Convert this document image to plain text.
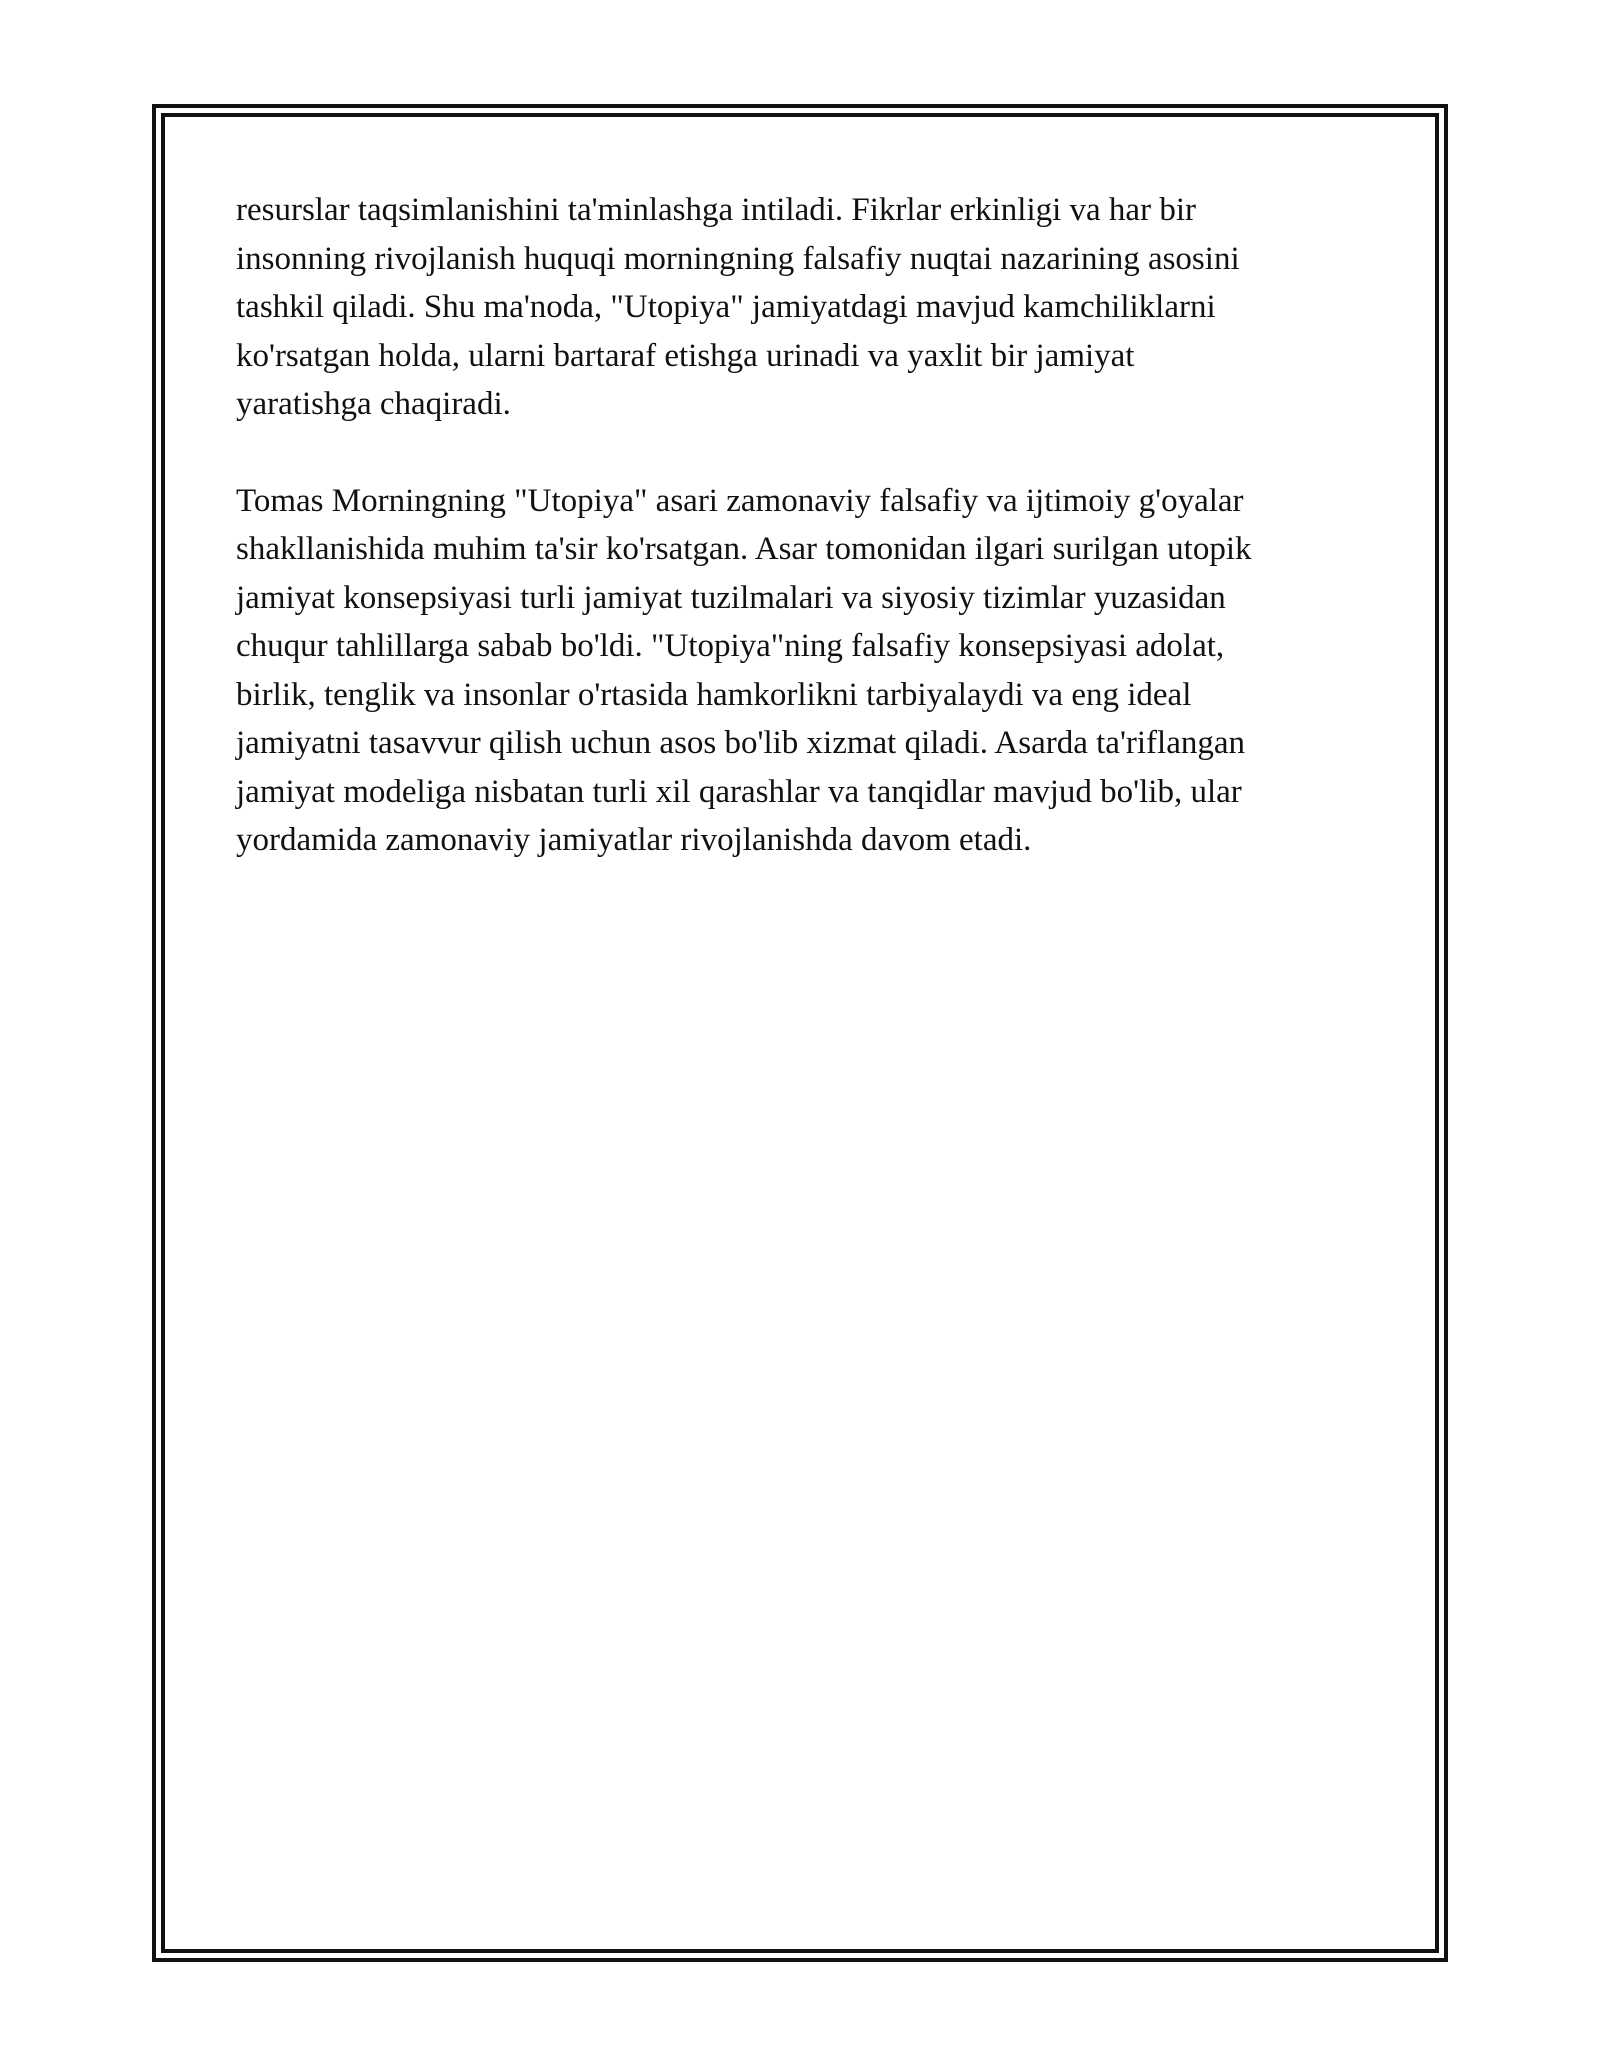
resurslar taqsimlanishini ta'minlashga intiladi. Fikrlar erkinligi va har bir
insonning rivojlanish huquqi morningning falsafiy nuqtai nazarining asosini
tashkil qiladi. Shu ma'noda, "Utopiya" jamiyatdagi mavjud kamchiliklarni
ko'rsatgan holda, ularni bartaraf etishga urinadi va yaxlit bir jamiyat
yaratishga chaqiradi.

Tomas Morningning "Utopiya" asari zamonaviy falsafiy va ijtimoiy g'oyalar
shakllanishida muhim ta'sir ko'rsatgan. Asar tomonidan ilgari surilgan utopik
jamiyat konsepsiyasi turli jamiyat tuzilmalari va siyosiy tizimlar yuzasidan
chuqur tahlillarga sabab bo'ldi. "Utopiya"ning falsafiy konsepsiyasi adolat,
birlik, tenglik va insonlar o'rtasida hamkorlikni tarbiyalaydi va eng ideal
jamiyatni tasavvur qilish uchun asos bo'lib xizmat qiladi. Asarda ta'riflangan
jamiyat modeliga nisbatan turli xil qarashlar va tanqidlar mavjud bo'lib, ular
yordamida zamonaviy jamiyatlar rivojlanishda davom etadi.
